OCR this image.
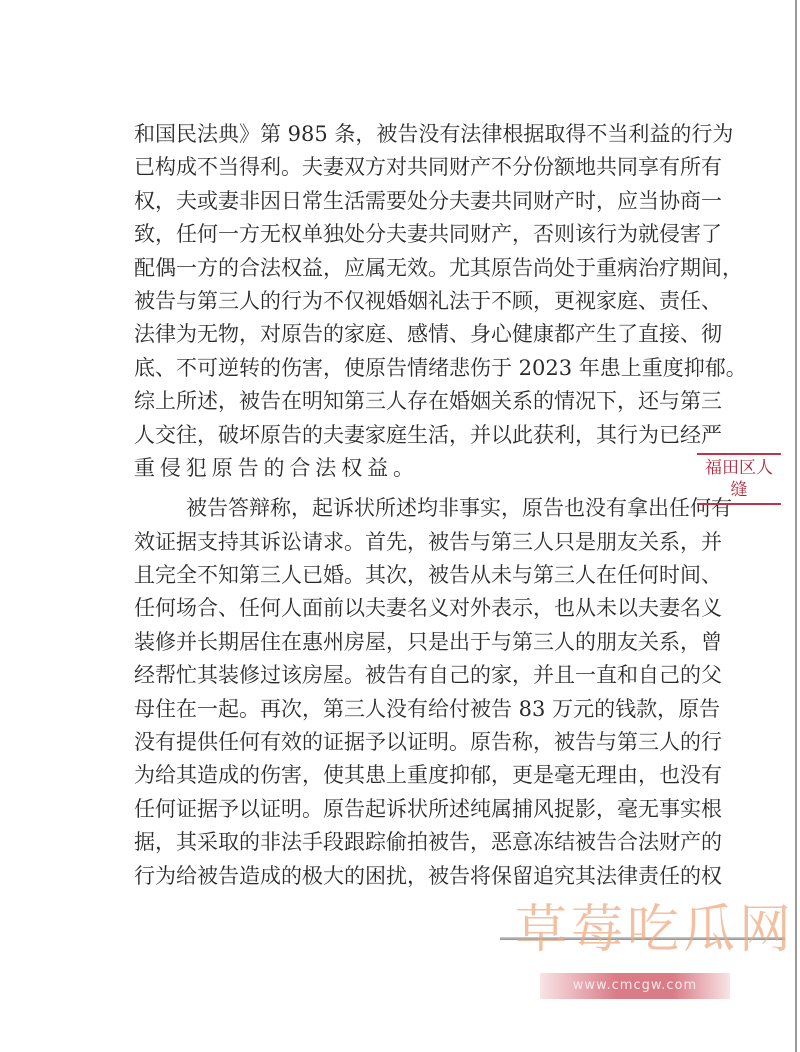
和国民法典》第 985 条，被告没有法律根据取得不当利益的行为
已构成不当得利。夫妻双方对共同财产不分份额地共同享有所有
权，夫或妻非因日常生活需要处分夫妻共同财产时，应当协商一
致，任何一方无权单独处分夫妻共同财产，否则该行为就侵害了
配偶一方的合法权益，应属无效。尤其原告尚处于重病治疗期间，
被告与第三人的行为不仅视婚姻礼法于不顾，更视家庭、责任、
法律为无物，对原告的家庭、感情、身心健康都产生了直接、彻
底、不可逆转的伤害，使原告情绪悲伤于 2023 年患上重度抑郁。
综上所述，被告在明知第三人存在婚姻关系的情况下，还与第三
人交往，破坏原告的夫妻家庭生活，并以此获利，其行为已经严
重侵犯原告的合法权益。
被告答辩称，起诉状所述均非事实，原告也没有拿出任何有
效证据支持其诉讼请求。首先，被告与第三人只是朋友关系，并
且完全不知第三人已婚。其次，被告从未与第三人在任何时间、
任何场合、任何人面前以夫妻名义对外表示，也从未以夫妻名义
装修并长期居住在惠州房屋，只是出于与第三人的朋友关系，曾
经帮忙其装修过该房屋。被告有自己的家，并且一直和自己的父
母住在一起。再次，第三人没有给付被告 83 万元的钱款，原告
没有提供任何有效的证据予以证明。原告称，被告与第三人的行
为给其造成的伤害，使其患上重度抑郁，更是毫无理由，也没有
任何证据予以证明。原告起诉状所述纯属捕风捉影，毫无事实根
据，其采取的非法手段跟踪偷拍被告，恶意冻结被告合法财产的
行为给被告造成的极大的困扰，被告将保留追究其法律责任的权
福田区人
缝
草莓吃瓜网
www.cmcgw.com
